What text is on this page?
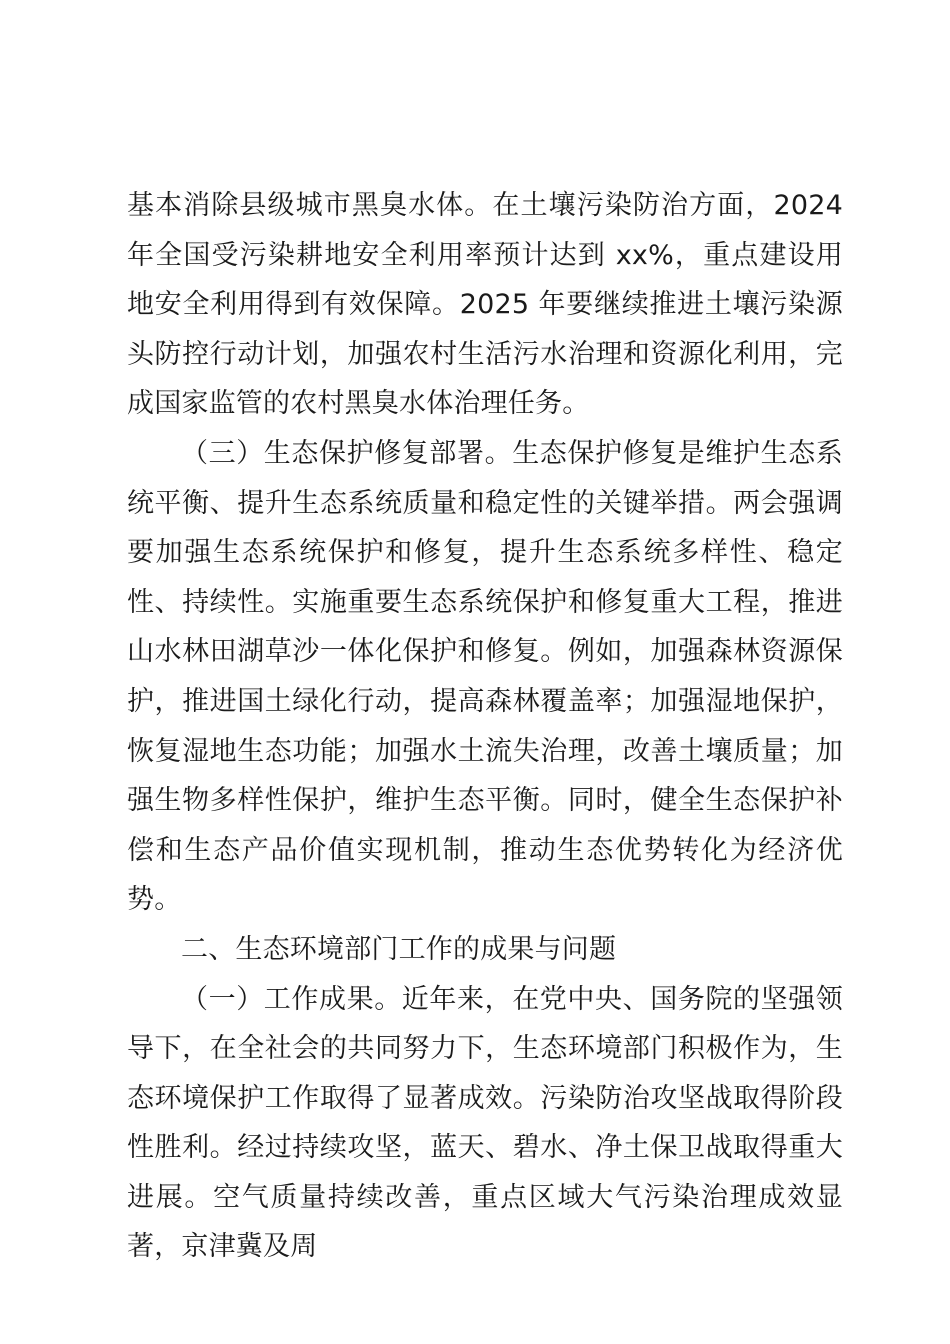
基本消除县级城市黑臭水体。在土壤污染防治方面，2024 年全国受污染耕地安全利用率预计达到 xx%，重点建设用地安全利用得到有效保障。2025 年要继续推进土壤污染源头防控行动计划，加强农村生活污水治理和资源化利用，完成国家监管的农村黑臭水体治理任务。

（三）生态保护修复部署。生态保护修复是维护生态系统平衡、提升生态系统质量和稳定性的关键举措。两会强调要加强生态系统保护和修复，提升生态系统多样性、稳定性、持续性。实施重要生态系统保护和修复重大工程，推进山水林田湖草沙一体化保护和修复。例如，加强森林资源保护，推进国土绿化行动，提高森林覆盖率；加强湿地保护，恢复湿地生态功能；加强水土流失治理，改善土壤质量；加强生物多样性保护，维护生态平衡。同时，健全生态保护补偿和生态产品价值实现机制，推动生态优势转化为经济优势。

二、生态环境部门工作的成果与问题

（一）工作成果。近年来，在党中央、国务院的坚强领导下，在全社会的共同努力下，生态环境部门积极作为，生态环境保护工作取得了显著成效。污染防治攻坚战取得阶段性胜利。经过持续攻坚，蓝天、碧水、净土保卫战取得重大进展。空气质量持续改善，重点区域大气污染治理成效显著，京津冀及周
